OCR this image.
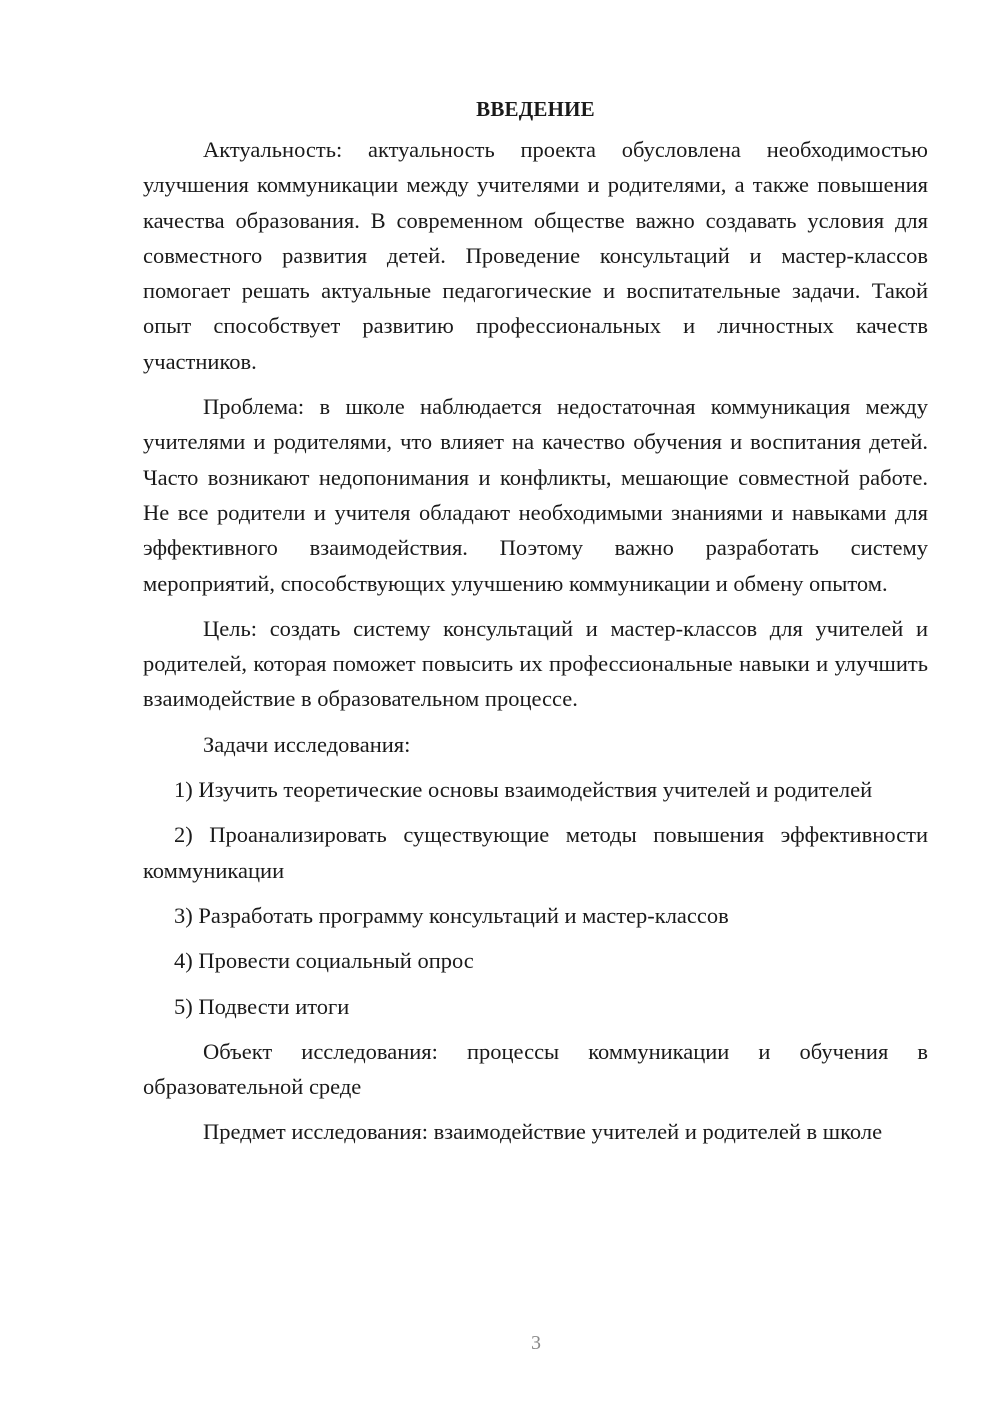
ВВЕДЕНИЕ

Актуальность: актуальность проекта обусловлена необходимостью улучшения коммуникации между учителями и родителями, а также повышения качества образования. В современном обществе важно создавать условия для совместного развития детей. Проведение консультаций и мастер-классов помогает решать актуальные педагогические и воспитательные задачи. Такой опыт способствует развитию профессиональных и личностных качеств участников.

Проблема: в школе наблюдается недостаточная коммуникация между учителями и родителями, что влияет на качество обучения и воспитания детей. Часто возникают недопонимания и конфликты, мешающие совместной работе. Не все родители и учителя обладают необходимыми знаниями и навыками для эффективного взаимодействия. Поэтому важно разработать систему мероприятий, способствующих улучшению коммуникации и обмену опытом.

Цель: создать систему консультаций и мастер-классов для учителей и родителей, которая поможет повысить их профессиональные навыки и улучшить взаимодействие в образовательном процессе.

Задачи исследования:

1) Изучить теоретические основы взаимодействия учителей и родителей

2) Проанализировать существующие методы повышения эффективности коммуникации

3) Разработать программу консультаций и мастер-классов

4) Провести социальный опрос

5) Подвести итоги

Объект исследования: процессы коммуникации и обучения в образовательной среде

Предмет исследования: взаимодействие учителей и родителей в школе

3
